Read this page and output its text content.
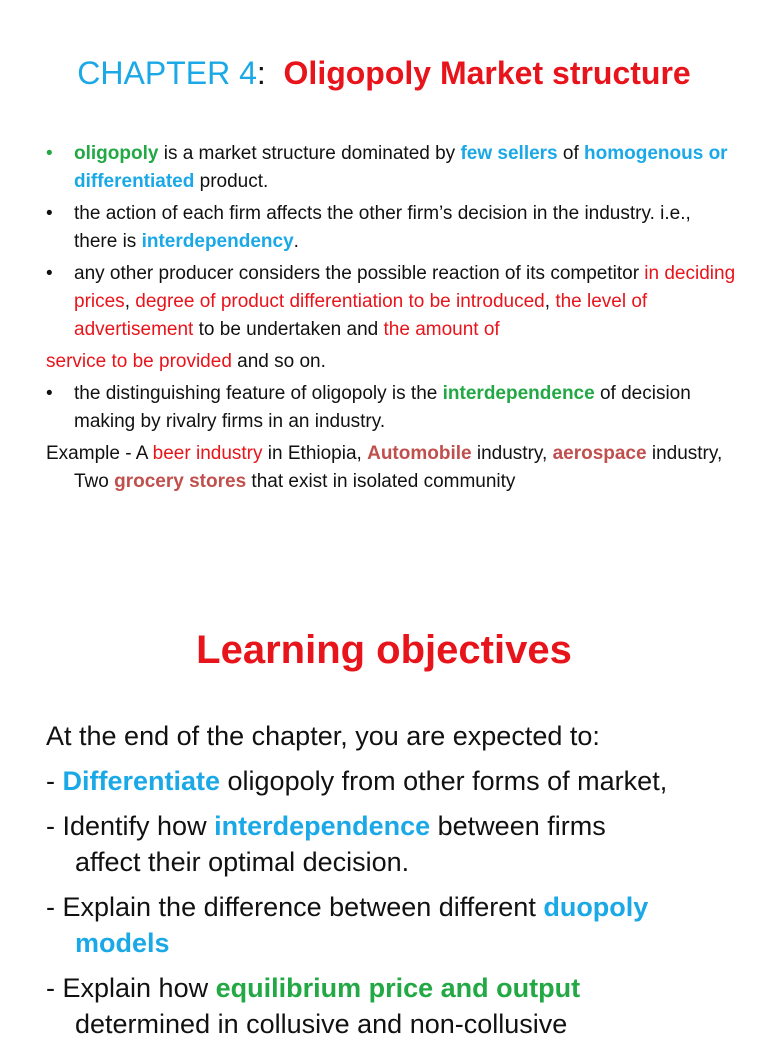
CHAPTER 4: Oligopoly Market structure
• oligopoly is a market structure dominated by few sellers of homogenous or differentiated product.
• the action of each firm affects the other firm’s decision in the industry. i.e., there is interdependency.
• any other producer considers the possible reaction of its competitor in deciding prices, degree of product differentiation to be introduced, the level of advertisement to be undertaken and the amount of
service to be provided and so on.
• the distinguishing feature of oligopoly is the interdependence of decision making by rivalry firms in an industry.
Example - A beer industry in Ethiopia, Automobile industry, aerospace industry, Two grocery stores that exist in isolated community
Learning objectives

At the end of the chapter, you are expected to:

- Differentiate oligopoly from other forms of market,

- Identify how interdependence between firms
affect their optimal decision.

- Explain the difference between different duopoly
models

- Explain how equilibrium price and output
determined in collusive and non-collusive
